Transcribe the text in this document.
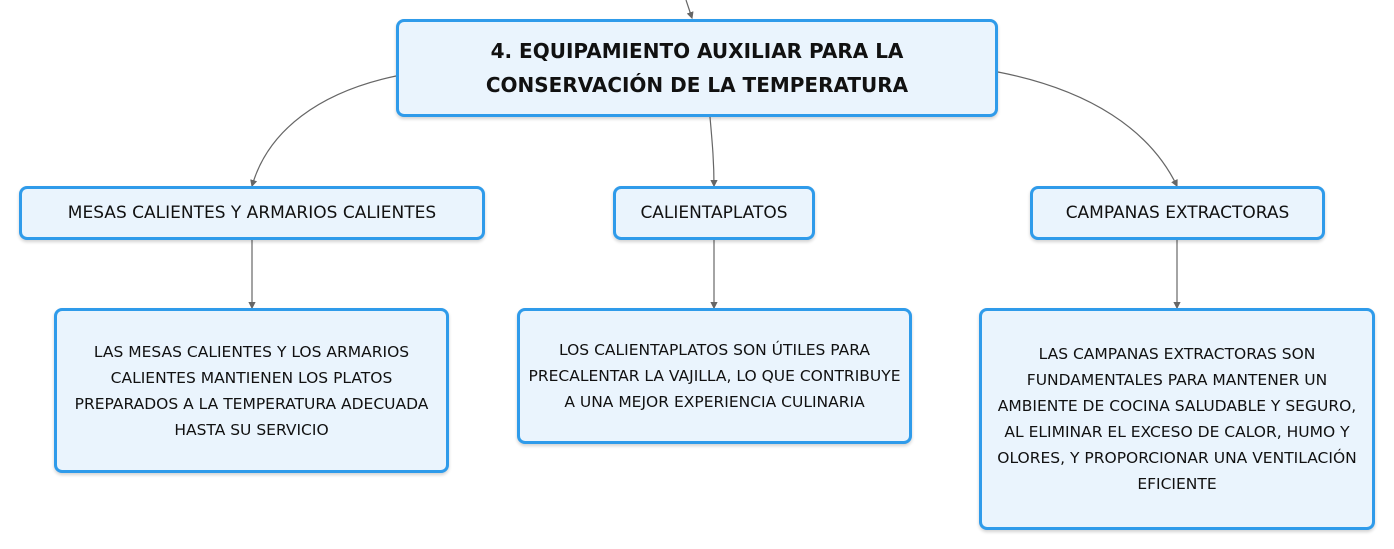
4. EQUIPAMIENTO AUXILIAR PARA LA CONSERVACIÓN DE LA TEMPERATURA
MESAS CALIENTES Y ARMARIOS CALIENTES	CALIENTAPLATOS	CAMPANAS EXTRACTORAS
LAS MESAS CALIENTES Y LOS ARMARIOS CALIENTES MANTIENEN LOS PLATOS PREPARADOS A LA TEMPERATURA ADECUADA HASTA SU SERVICIO
LOS CALIENTAPLATOS SON ÚTILES PARA PRECALENTAR LA VAJILLA, LO QUE CONTRIBUYE A UNA MEJOR EXPERIENCIA CULINARIA
LAS CAMPANAS EXTRACTORAS SON FUNDAMENTALES PARA MANTENER UN AMBIENTE DE COCINA SALUDABLE Y SEGURO, AL ELIMINAR EL EXCESO DE CALOR, HUMO Y OLORES, Y PROPORCIONAR UNA VENTILACIÓN EFICIENTE
